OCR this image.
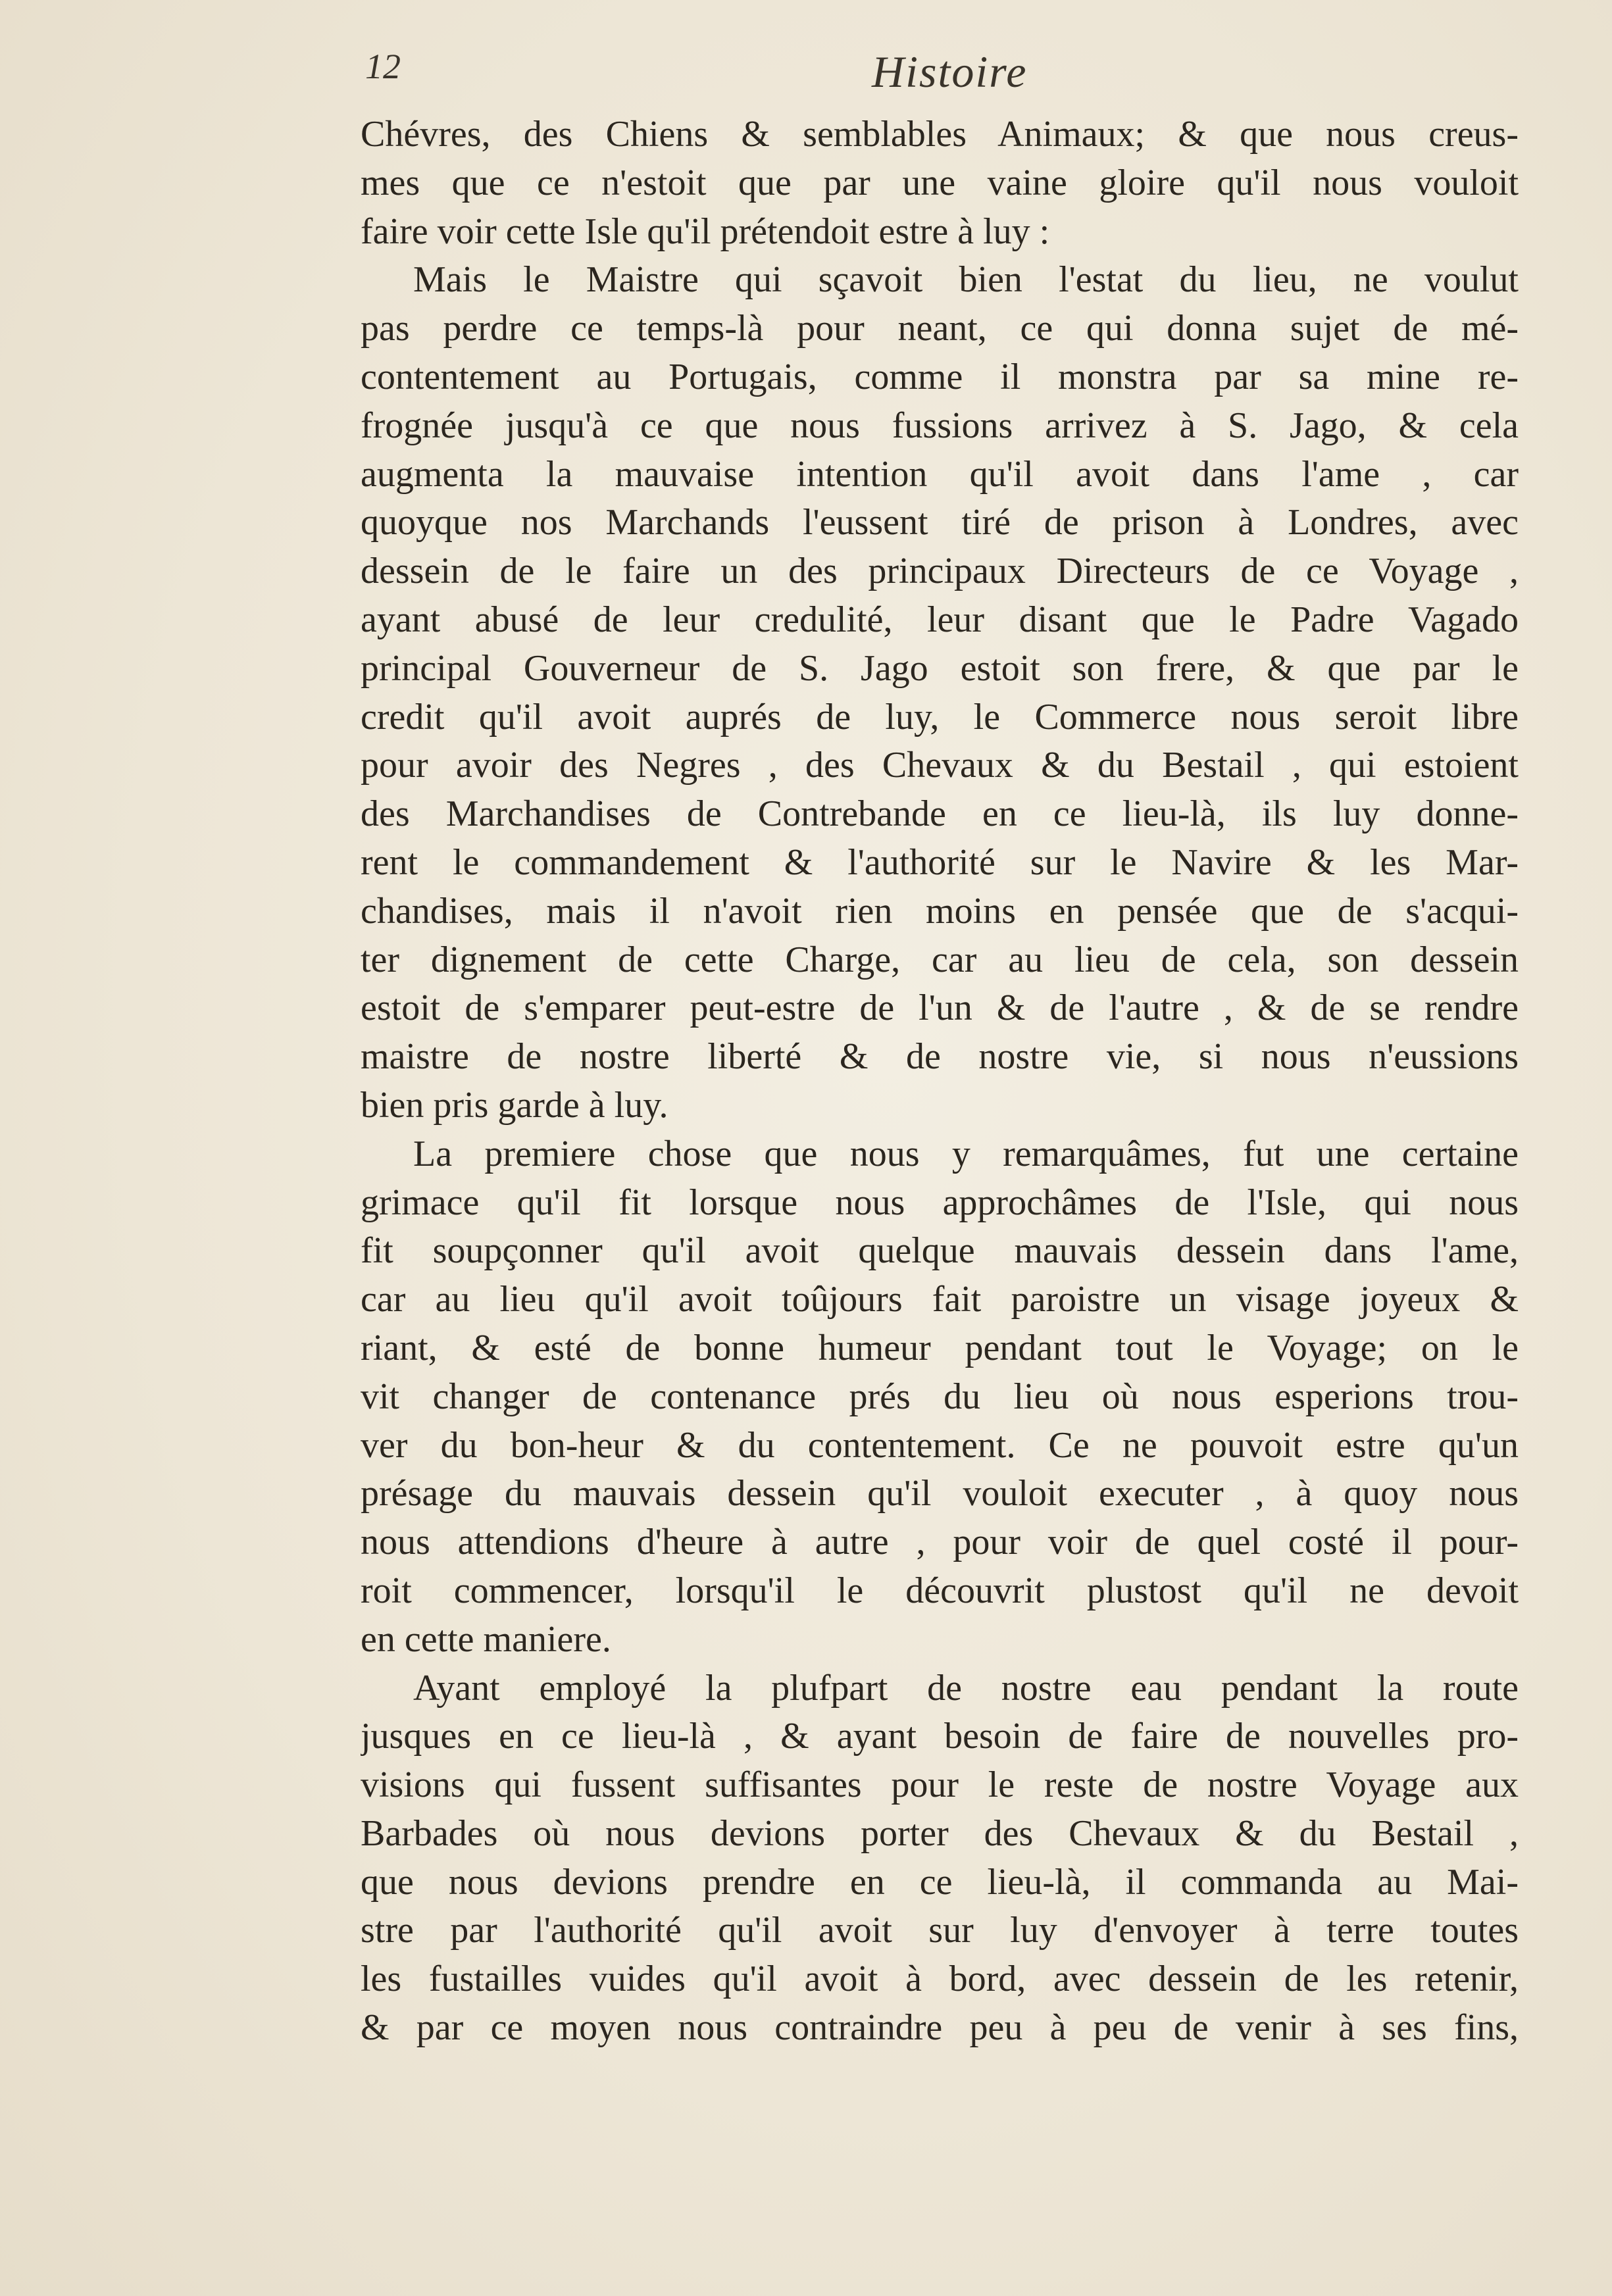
12	Histoire
Chévres, des Chiens & semblables Animaux; & que nous creus-
mes que ce n'estoit que par une vaine gloire qu'il nous vouloit
faire voir cette Isle qu'il prétendoit estre à luy :
Mais le Maistre qui sçavoit bien l'estat du lieu, ne voulut
pas perdre ce temps-là pour neant, ce qui donna sujet de mé-
contentement au Portugais, comme il monstra par sa mine re-
frognée jusqu'à ce que nous fussions arrivez à S. Jago, & cela
augmenta la mauvaise intention qu'il avoit dans l'ame , car
quoyque nos Marchands l'eussent tiré de prison à Londres, avec
dessein de le faire un des principaux Directeurs de ce Voyage ,
ayant abusé de leur credulité, leur disant que le Padre Vagado
principal Gouverneur de S. Jago estoit son frere, & que par le
credit qu'il avoit auprés de luy, le Commerce nous seroit libre
pour avoir des Negres , des Chevaux & du Bestail , qui estoient
des Marchandises de Contrebande en ce lieu-là, ils luy donne-
rent le commandement & l'authorité sur le Navire & les Mar-
chandises, mais il n'avoit rien moins en pensée que de s'acqui-
ter dignement de cette Charge, car au lieu de cela, son dessein
estoit de s'emparer peut-estre de l'un & de l'autre , & de se rendre
maistre de nostre liberté & de nostre vie, si nous n'eussions
bien pris garde à luy.
La premiere chose que nous y remarquâmes, fut une certaine
grimace qu'il fit lorsque nous approchâmes de l'Isle, qui nous
fit soupçonner qu'il avoit quelque mauvais dessein dans l'ame,
car au lieu qu'il avoit toûjours fait paroistre un visage joyeux &
riant, & esté de bonne humeur pendant tout le Voyage; on le
vit changer de contenance prés du lieu où nous esperions trou-
ver du bon-heur & du contentement. Ce ne pouvoit estre qu'un
présage du mauvais dessein qu'il vouloit executer , à quoy nous
nous attendions d'heure à autre , pour voir de quel costé il pour-
roit commencer, lorsqu'il le découvrit plustost qu'il ne devoit
en cette maniere.
Ayant employé la plufpart de nostre eau pendant la route
jusques en ce lieu-là , & ayant besoin de faire de nouvelles pro-
visions qui fussent suffisantes pour le reste de nostre Voyage aux
Barbades où nous devions porter des Chevaux & du Bestail ,
que nous devions prendre en ce lieu-là, il commanda au Mai-
stre par l'authorité qu'il avoit sur luy d'envoyer à terre toutes
les fustailles vuides qu'il avoit à bord, avec dessein de les retenir,
& par ce moyen nous contraindre peu à peu de venir à ses fins,
